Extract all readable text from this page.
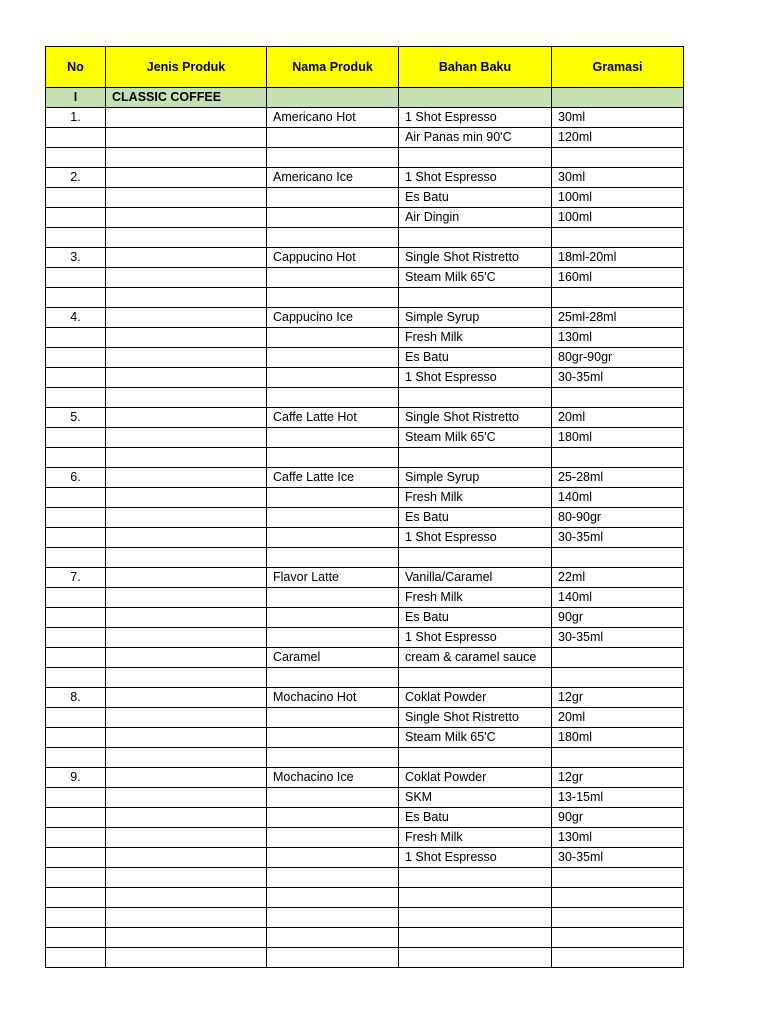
No	Jenis Produk	Nama Produk	Bahan Baku	Gramasi
I	CLASSIC COFFEE			
1.		Americano Hot	1 Shot Espresso	30ml
			Air Panas min 90'C	120ml

2.		Americano Ice	1 Shot Espresso	30ml
			Es Batu	100ml
			Air Dingin	100ml

3.		Cappucino Hot	Single Shot Ristretto	18ml-20ml
			Steam Milk 65'C	160ml

4.		Cappucino Ice	Simple Syrup	25ml-28ml
			Fresh Milk	130ml
			Es Batu	80gr-90gr
			1 Shot Espresso	30-35ml

5.		Caffe Latte Hot	Single Shot Ristretto	20ml
			Steam Milk 65'C	180ml

6.		Caffe Latte Ice	Simple Syrup	25-28ml
			Fresh Milk	140ml
			Es Batu	80-90gr
			1 Shot Espresso	30-35ml

7.		Flavor Latte	Vanilla/Caramel	22ml
			Fresh Milk	140ml
			Es Batu	90gr
			1 Shot Espresso	30-35ml
		Caramel	cream & caramel sauce	

8.		Mochacino Hot	Coklat Powder	12gr
			Single Shot Ristretto	20ml
			Steam Milk 65'C	180ml

9.		Mochacino Ice	Coklat Powder	12gr
			SKM	13-15ml
			Es Batu	90gr
			Fresh Milk	130ml
			1 Shot Espresso	30-35ml
